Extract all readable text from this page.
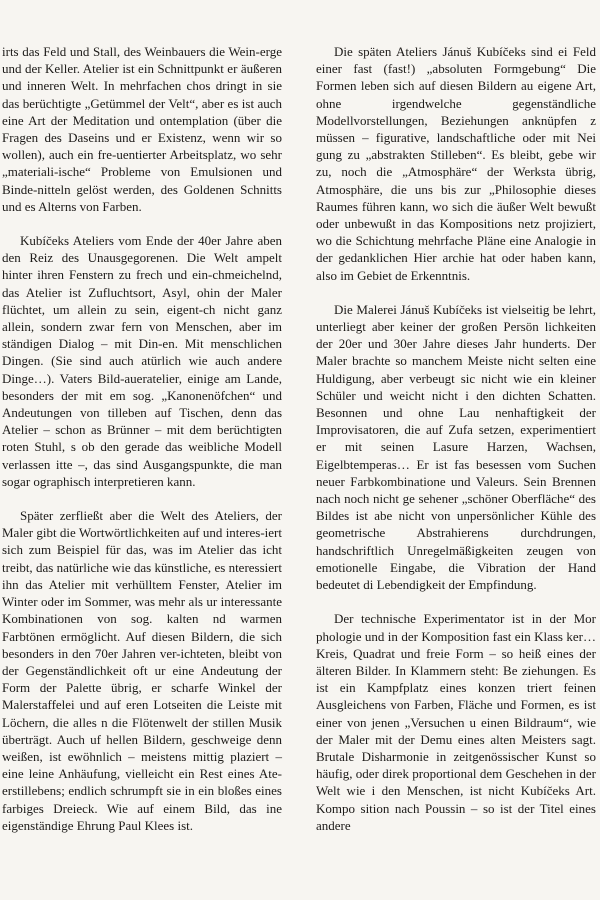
irts das Feld und Stall, des Weinbauers die Wein-erge und der Keller. Atelier ist ein Schnittpunkt er äußeren und inneren Welt. In mehrfachen chos dringt in sie das berüchtigte „Getümmel der Velt“, aber es ist auch eine Art der Meditation und ontemplation (über die Fragen des Daseins und er Existenz, wenn wir so wollen), auch ein fre-uentierter Arbeitsplatz, wo sehr „materiali-ische“ Probleme von Emulsionen und Binde-nitteln gelöst werden, des Goldenen Schnitts und es Alterns von Farben.

Kubíčeks Ateliers vom Ende der 40er Jahre aben den Reiz des Unausgegorenen. Die Welt ampelt hinter ihren Fenstern zu frech und ein-chmeichelnd, das Atelier ist Zufluchtsort, Asyl, ohin der Maler flüchtet, um allein zu sein, eigent-ch nicht ganz allein, sondern zwar fern von Menschen, aber im ständigen Dialog – mit Din-en. Mit menschlichen Dingen. (Sie sind auch atürlich wie auch andere Dinge…). Vaters Bild-aueratelier, einige am Lande, besonders der mit em sog. „Kanonenöfchen“ und Andeutungen von tilleben auf Tischen, denn das Atelier – schon as Brünner – mit dem berüchtigten roten Stuhl, s ob den gerade das weibliche Modell verlassen itte –, das sind Ausgangspunkte, die man sogar ographisch interpretieren kann.

Später zerfließt aber die Welt des Ateliers, der Maler gibt die Wortwörtlichkeiten auf und interes-iert sich zum Beispiel für das, was im Atelier das icht treibt, das natürliche wie das künstliche, es nteressiert ihn das Atelier mit verhülltem Fenster, Atelier im Winter oder im Sommer, was mehr als ur interessante Kombinationen von sog. kalten nd warmen Farbtönen ermöglicht. Auf diesen Bildern, die sich besonders in den 70er Jahren ver-ichteten, bleibt von der Gegenständlichkeit oft ur eine Andeutung der Form der Palette übrig, er scharfe Winkel der Malerstaffelei und auf eren Lotseiten die Leiste mit Löchern, die alles n die Flötenwelt der stillen Musik überträgt. Auch uf hellen Bildern, geschweige denn weißen, ist ewöhnlich – meistens mittig plaziert – eine leine Anhäufung, vielleicht ein Rest eines Ate-erstillebens; endlich schrumpft sie in ein bloßes eines farbiges Dreieck. Wie auf einem Bild, das ine eigenständige Ehrung Paul Klees ist.

Die späten Ateliers Jánuš Kubíčeks sind ei Feld einer fast (fast!) „absoluten Formgebung“ Die Formen leben sich auf diesen Bildern au eigene Art, ohne irgendwelche gegenständliche Modellvorstellungen, Beziehungen anknüpfen z müssen – figurative, landschaftliche oder mit Nei gung zu „abstrakten Stilleben“. Es bleibt, gebe wir zu, noch die „Atmosphäre“ der Werksta übrig, Atmosphäre, die uns bis zur „Philosophie dieses Raumes führen kann, wo sich die äußer Welt bewußt oder unbewußt in das Kompositions netz projiziert, wo die Schichtung mehrfache Pläne eine Analogie in der gedanklichen Hier archie hat oder haben kann, also im Gebiet de Erkenntnis.

Die Malerei Jánuš Kubíčeks ist vielseitig be lehrt, unterliegt aber keiner der großen Persön lichkeiten der 20er und 30er Jahre dieses Jahr hunderts. Der Maler brachte so manchem Meiste nicht selten eine Huldigung, aber verbeugt sic nicht wie ein kleiner Schüler und weicht nicht i den dichten Schatten. Besonnen und ohne Lau nenhaftigkeit der Improvisatoren, die auf Zufa setzen, experimentiert er mit seinen Lasure Harzen, Wachsen, Eigelbtemperas… Er ist fas besessen vom Suchen neuer Farbkombinatione und Valeurs. Sein Brennen nach noch nicht ge sehener „schöner Oberfläche“ des Bildes ist abe nicht von unpersönlicher Kühle des geometrische Abstrahierens durchdrungen, handschriftlich Unregelmäßigkeiten zeugen von emotionelle Eingabe, die Vibration der Hand bedeutet di Lebendigkeit der Empfindung.

Der technische Experimentator ist in der Mor phologie und in der Komposition fast ein Klass ker… Kreis, Quadrat und freie Form – so heiß eines der älteren Bilder. In Klammern steht: Be ziehungen. Es ist ein Kampfplatz eines konzen triert feinen Ausgleichens von Farben, Fläche und Formen, es ist einer von jenen „Versuchen u einen Bildraum“, wie der Maler mit der Demu eines alten Meisters sagt. Brutale Disharmonie in zeitgenössischer Kunst so häufig, oder direk proportional dem Geschehen in der Welt wie i den Menschen, ist nicht Kubíčeks Art. Kompo sition nach Poussin – so ist der Titel eines andere
